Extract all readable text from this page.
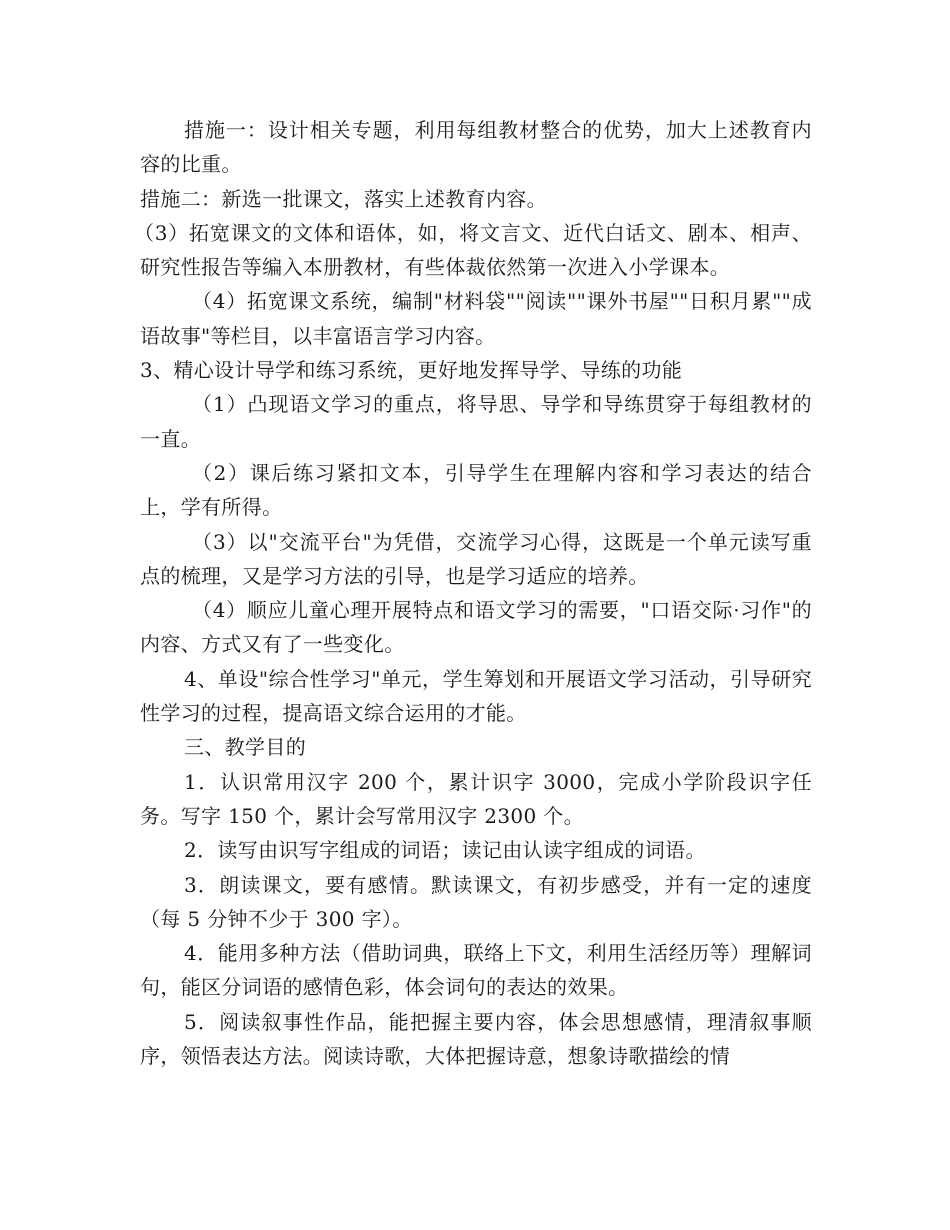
措施一：设计相关专题，利用每组教材整合的优势，加大上述教育内容的比重。

措施二：新选一批课文，落实上述教育内容。

（3）拓宽课文的文体和语体，如，将文言文、近代白话文、剧本、相声、研究性报告等编入本册教材，有些体裁依然第一次进入小学课本。

（4）拓宽课文系统，编制"材料袋""阅读""课外书屋""日积月累""成语故事"等栏目，以丰富语言学习内容。

3、精心设计导学和练习系统，更好地发挥导学、导练的功能

（1）凸现语文学习的重点，将导思、导学和导练贯穿于每组教材的一直。

（2）课后练习紧扣文本，引导学生在理解内容和学习表达的结合上，学有所得。

（3）以"交流平台"为凭借，交流学习心得，这既是一个单元读写重点的梳理，又是学习方法的引导，也是学习适应的培养。

（4）顺应儿童心理开展特点和语文学习的需要，"口语交际·习作"的内容、方式又有了一些变化。

4、单设"综合性学习"单元，学生筹划和开展语文学习活动，引导研究性学习的过程，提高语文综合运用的才能。

三、教学目的

1．认识常用汉字 200 个，累计识字 3000，完成小学阶段识字任务。写字 150 个，累计会写常用汉字 2300 个。

2．读写由识写字组成的词语；读记由认读字组成的词语。

3．朗读课文，要有感情。默读课文，有初步感受，并有一定的速度（每 5 分钟不少于 300 字）。

4．能用多种方法（借助词典，联络上下文，利用生活经历等）理解词句，能区分词语的感情色彩，体会词句的表达的效果。

5．阅读叙事性作品，能把握主要内容，体会思想感情，理清叙事顺序，领悟表达方法。阅读诗歌，大体把握诗意，想象诗歌描绘的情
